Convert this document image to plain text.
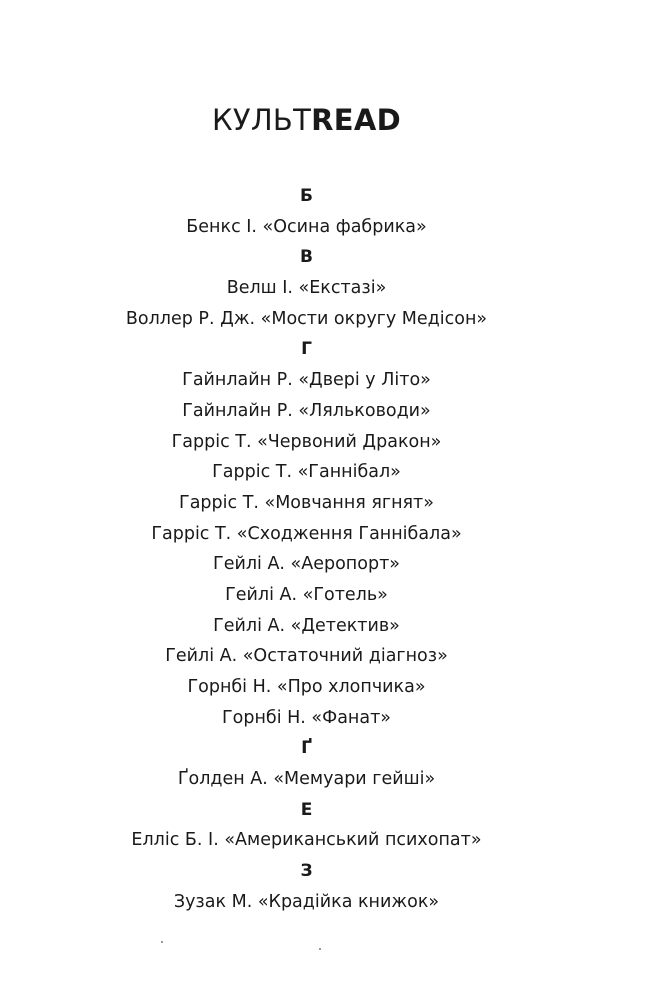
КУЛЬТREAD
Б
Бенкс І. «Осина фабрика»
В
Велш І. «Екстазі»
Воллер Р. Дж. «Мости округу Медісон»
Г
Гайнлайн Р. «Двері у Літо»
Гайнлайн Р. «Ляльководи»
Гарріс Т. «Червоний Дракон»
Гарріс Т. «Ганнібал»
Гарріс Т. «Мовчання ягнят»
Гарріс Т. «Сходження Ганнібала»
Гейлі А. «Аеропорт»
Гейлі А. «Готель»
Гейлі А. «Детектив»
Гейлі А. «Остаточний діагноз»
Горнбі Н. «Про хлопчика»
Горнбі Н. «Фанат»
Ґ
Ґолден А. «Мемуари гейші»
Е
Елліс Б. І. «Американський психопат»
З
Зузак М. «Крадійка книжок»
